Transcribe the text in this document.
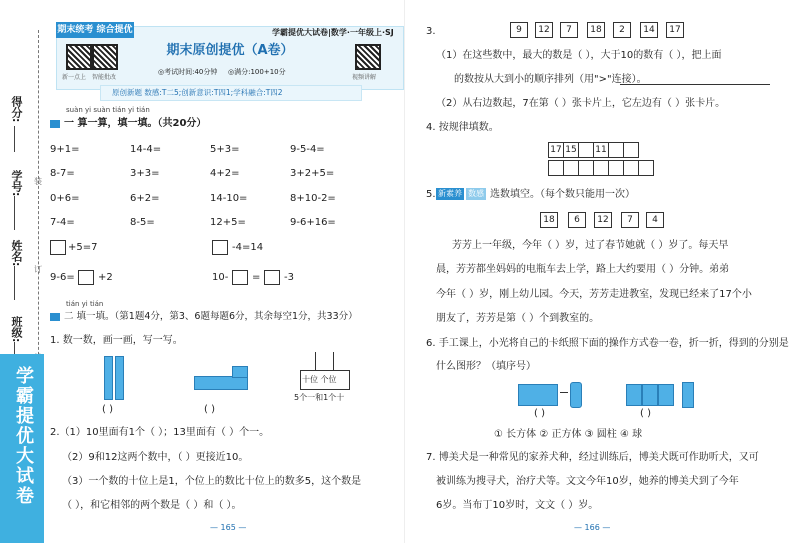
得分:
学号:
姓名:
班级:
装
订
学霸提优大试卷
期末统考 综合提优	学霸提优大试卷|数学·一年级上·SJ
新一点上 智能批改	视频讲解
期末原创提优（A卷）
◎考试时间:40分钟 ◎满分:100+10分
原创新题 数感:T二5;创新意识:T四1;学科融合:T四2
suàn yi suàn tián yi tián
一 算一算，填一填。（共20分）
9+1=	14-4=	5+3=	9-5-4=
8-7=	3+3=	4+2=	3+2+5=
0+6=	6+2=	14-10=	8+10-2=
7-4=	8-5=	12+5=	9-6+16=
+5=7	-4=14
9-6= +2	10- = -3
tián yi tián
二 填一填。（第1题4分，第3、6题每题6分，其余每空1分，共33分）
1. 数一数，画一画，写一写。
( )	( )
十位 个位
5个一和1个十
2.（1）10里面有1个（ ）；13里面有（ ）个一。
（2）9和12这两个数中，（ ）更接近10。
（3）一个数的十位上是1，个位上的数比十位上的数多5，这个数是
（ ），和它相邻的两个数是（ ）和（ ）。
— 165 —
3.	9	12	7	18	2	14	17
（1）在这些数中，最大的数是（ ），大于10的数有（ ），把上面
的数按从大到小的顺序排列（用">"连接）。
（2）从右边数起，7在第（ ）张卡片上，它左边有（ ）张卡片。
4. 按规律填数。
17 15 11
5. 新素养 数感 选数填空。（每个数只能用一次）
18	6	12	7	4
芳芳上一年级，今年（ ）岁，过了春节她就（ ）岁了。每天早
晨，芳芳都坐妈妈的电瓶车去上学，路上大约要用（ ）分钟。弟弟
今年（ ）岁，刚上幼儿园。今天，芳芳走进教室，发现已经来了17个小
朋友了，芳芳是第（ ）个到教室的。
6. 手工课上，小光将自己的卡纸照下面的操作方式卷一卷，折一折，得到的分别是
什么图形？（填序号）
( )	( )
① 长方体 ② 正方体 ③ 圆柱 ④ 球
7. 博美犬是一种常见的家养犬种，经过训练后，博美犬既可作助听犬，又可
被训练为搜寻犬，治疗犬等。文文今年10岁，她养的博美犬到了今年
6岁。当布丁10岁时，文文（ ）岁。
— 166 —
